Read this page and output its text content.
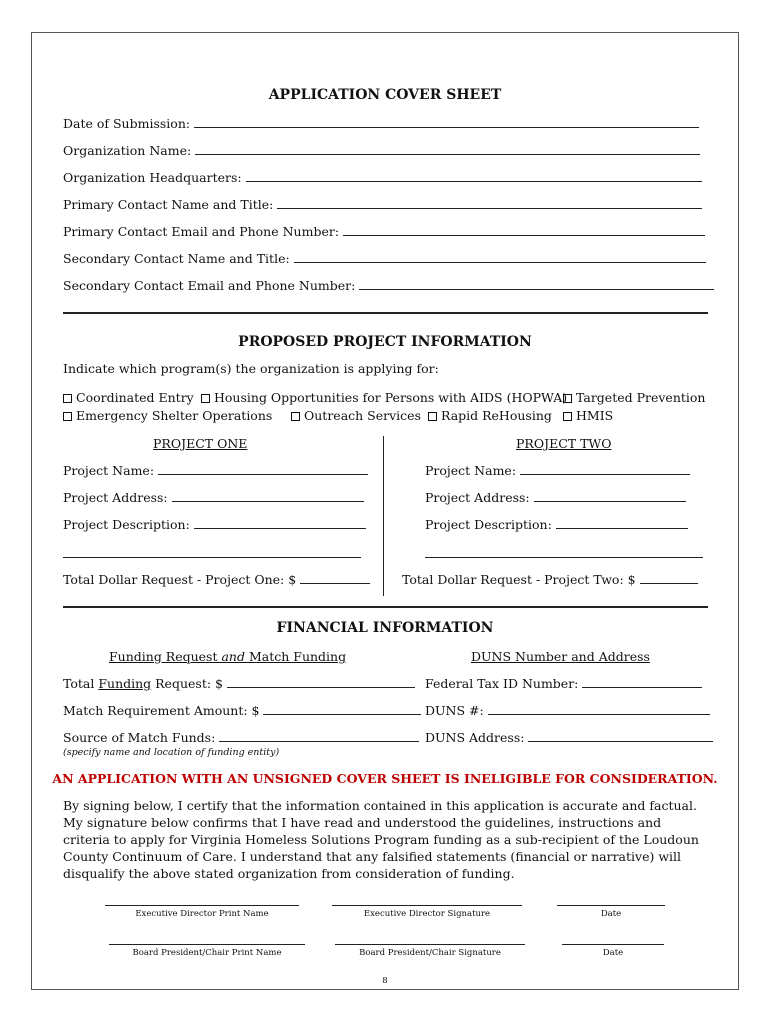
APPLICATION COVER SHEET
Date of Submission:
Organization Name:
Organization Headquarters:
Primary Contact Name and Title:
Primary Contact Email and Phone Number:
Secondary Contact Name and Title:
Secondary Contact Email and Phone Number:
PROPOSED PROJECT INFORMATION
Indicate which program(s) the organization is applying for:
Coordinated Entry	Housing Opportunities for Persons with AIDS (HOPWA) Targeted Prevention
Emergency Shelter Operations	Outreach Services	Rapid ReHousing	HMIS
PROJECT ONE
Project Name:
Project Address:
Project Description:
Total Dollar Request - Project One: $
PROJECT TWO
Project Name:
Project Address:
Project Description:
Total Dollar Request - Project Two: $
FINANCIAL INFORMATION
Funding Request and Match Funding	DUNS Number and Address
Total Funding Request: $
Match Requirement Amount: $
Source of Match Funds:
(specify name and location of funding entity)
Federal Tax ID Number:
DUNS #:
DUNS Address:
AN APPLICATION WITH AN UNSIGNED COVER SHEET IS INELIGIBLE FOR CONSIDERATION.
By signing below, I certify that the information contained in this application is accurate and factual. My signature below confirms that I have read and understood the guidelines, instructions and criteria to apply for Virginia Homeless Solutions Program funding as a sub-recipient of the Loudoun County Continuum of Care. I understand that any falsified statements (financial or narrative) will disqualify the above stated organization from consideration of funding.
Executive Director Print Name	Executive Director Signature	Date
Board President/Chair Print Name	Board President/Chair Signature	Date
8
